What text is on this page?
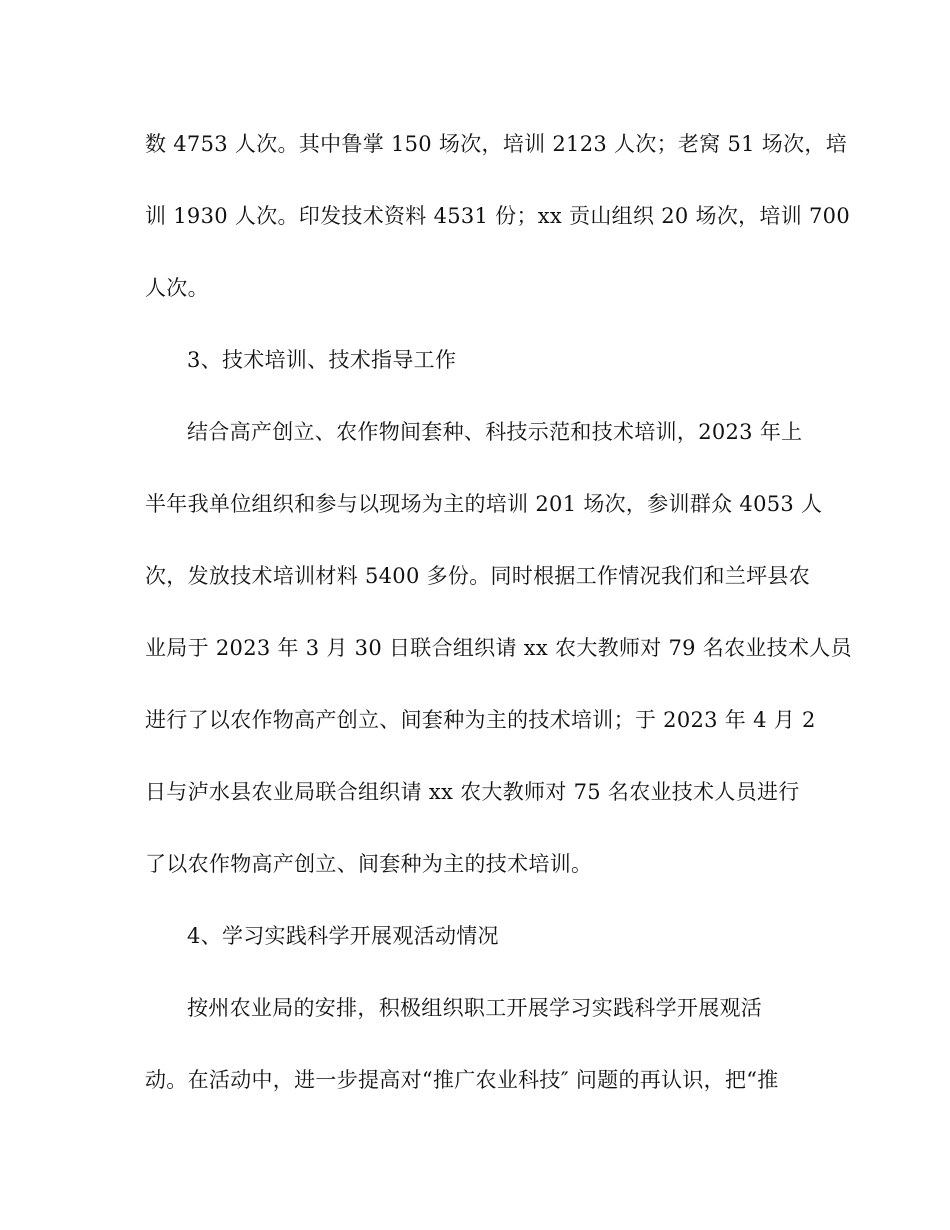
数 4753 人次。其中鲁掌 150 场次，培训 2123 人次；老窝 51 场次，培
训 1930 人次。印发技术资料 4531 份；xx 贡山组织 20 场次，培训 700
人次。
3、技术培训、技术指导工作
结合高产创立、农作物间套种、科技示范和技术培训，2023 年上
半年我单位组织和参与以现场为主的培训 201 场次，参训群众 4053 人
次，发放技术培训材料 5400 多份。同时根据工作情况我们和兰坪县农
业局于 2023 年 3 月 30 日联合组织请 xx 农大教师对 79 名农业技术人员
进行了以农作物高产创立、间套种为主的技术培训；于 2023 年 4 月 2
日与泸水县农业局联合组织请 xx 农大教师对 75 名农业技术人员进行
了以农作物高产创立、间套种为主的技术培训。
4、学习实践科学开展观活动情况
按州农业局的安排，积极组织职工开展学习实践科学开展观活
动。在活动中，进一步提高对“推广农业科技″ 问题的再认识，把“推
